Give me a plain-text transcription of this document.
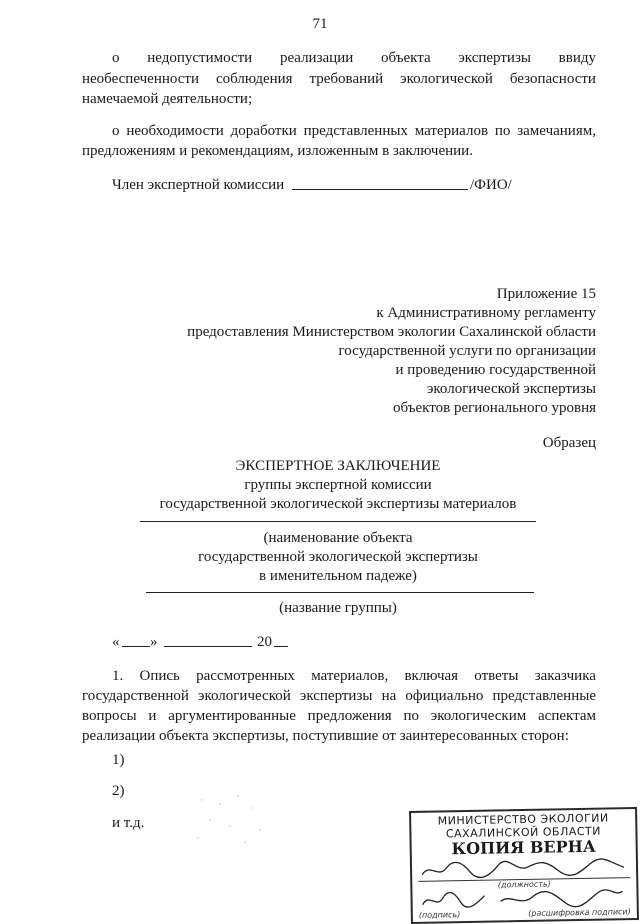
71
о недопустимости реализации объекта экспертизы ввиду
необеспеченности соблюдения требований экологической безопасности
намечаемой деятельности;
о необходимости доработки представленных материалов по замечаниям,
предложениям и рекомендациям, изложенным в заключении.
Член экспертной комиссии	/ФИО/
Приложение 15
к Административному регламенту
предоставления Министерством экологии Сахалинской области
государственной услуги по организации
и проведению государственной
экологической экспертизы
объектов регионального уровня
Образец
ЭКСПЕРТНОЕ ЗАКЛЮЧЕНИЕ
группы экспертной комиссии
государственной экологической экспертизы материалов
(наименование объекта
государственной экологической экспертизы
в именительном падеже)
(название группы)
« »	20
1. Опись рассмотренных материалов, включая ответы заказчика
государственной экологической экспертизы на официально представленные
вопросы и аргументированные предложения по экологическим аспектам
реализации объекта экспертизы, поступившие от заинтересованных сторон:
1)
2)
и т.д.	МИНИСТЕРСТВО ЭКОЛОГИИ
САХАЛИНСКОЙ ОБЛАСТИ
КОПИЯ ВЕРНА
(должность)
(подпись)	(расшифровка подписи)
